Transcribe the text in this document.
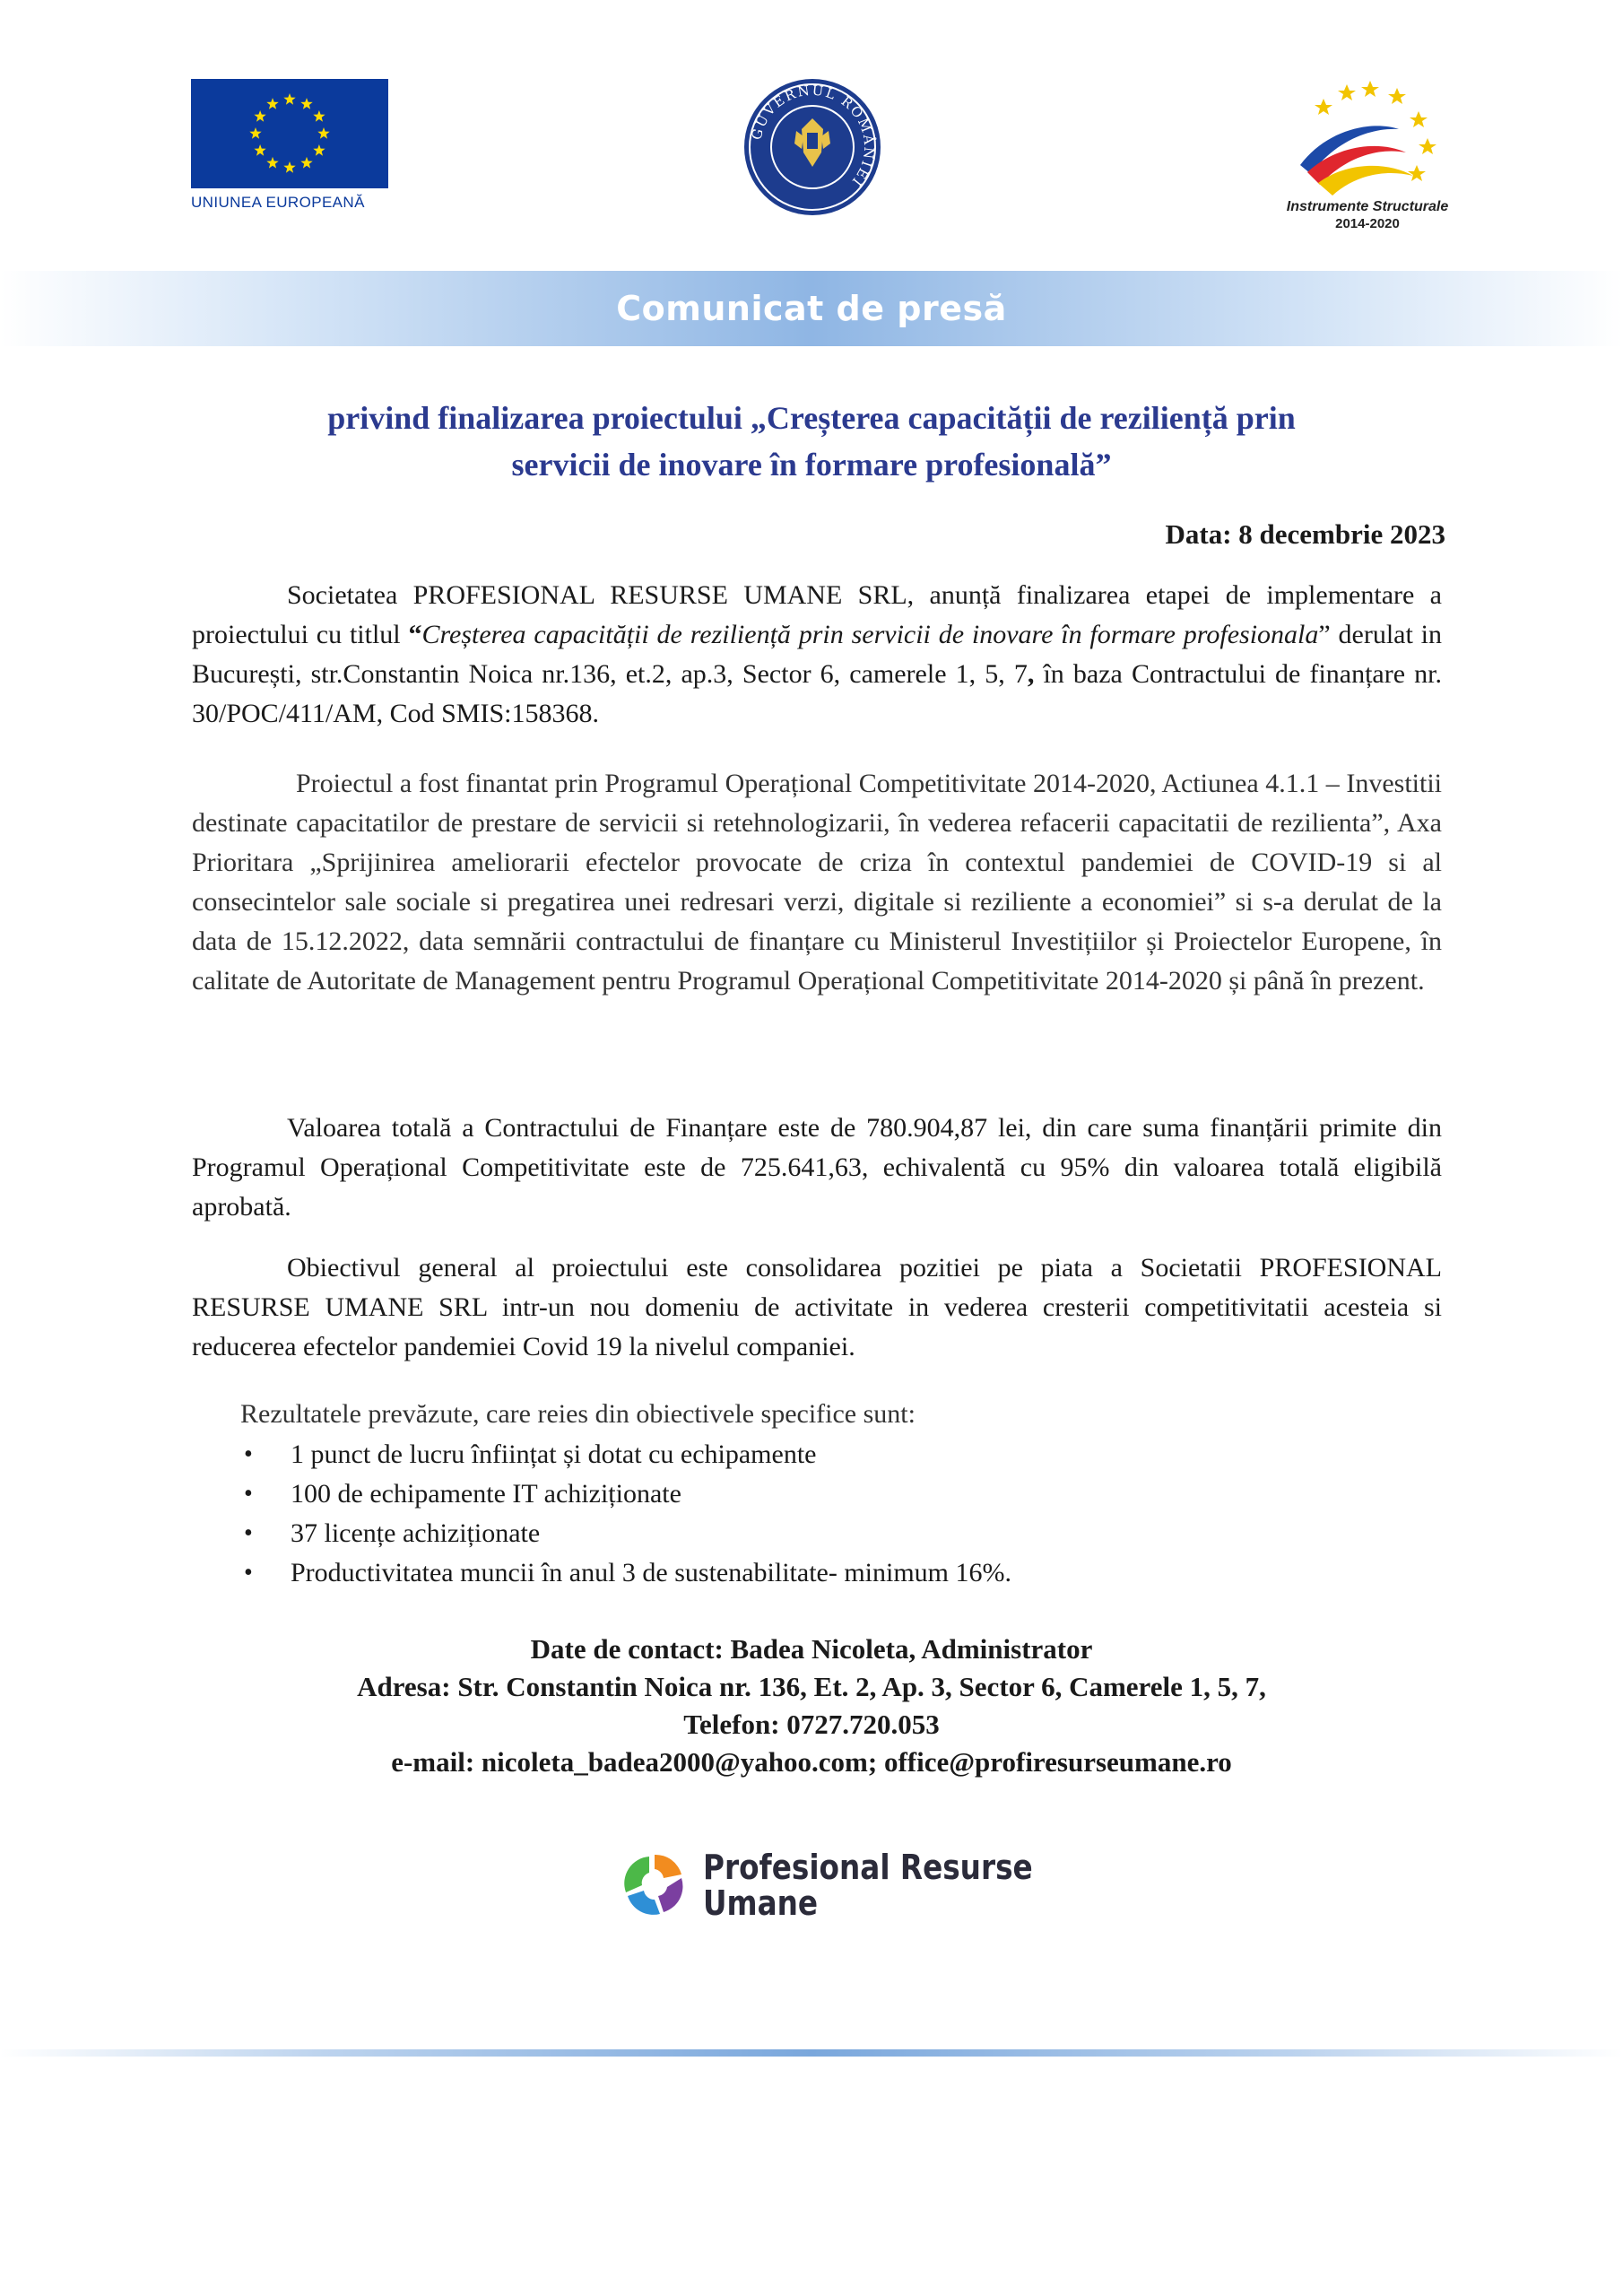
UNIUNEA EUROPEANĂ
GUVERNUL ROMÂNIEI
Instrumente Structurale
2014-2020
Comunicat de presă
privind finalizarea proiectului „Creșterea capacității de reziliență prin
servicii de inovare în formare profesională”
Data: 8 decembrie 2023
Societatea PROFESIONAL RESURSE UMANE SRL, anunță finalizarea etapei de implementare a proiectului cu titlul “Creșterea capacității de reziliență prin servicii de inovare în formare profesionala” derulat in București, str.Constantin Noica nr.136, et.2, ap.3, Sector 6, camerele 1, 5, 7, în baza Contractului de finanțare nr. 30/POC/411/AM, Cod SMIS:158368.
Proiectul a fost finantat prin Programul Operațional Competitivitate 2014-2020, Actiunea 4.1.1 – Investitii destinate capacitatilor de prestare de servicii si retehnologizarii, în vederea refacerii capacitatii de rezilienta”, Axa Prioritara „Sprijinirea ameliorarii efectelor provocate de criza în contextul pandemiei de COVID-19 si al consecintelor sale sociale si pregatirea unei redresari verzi, digitale si reziliente a economiei” si s-a derulat de la data de 15.12.2022, data semnării contractului de finanțare cu Ministerul Investițiilor și Proiectelor Europene, în calitate de Autoritate de Management pentru Programul Operațional Competitivitate 2014-2020 și până în prezent.
Valoarea totală a Contractului de Finanțare este de 780.904,87 lei, din care suma finanțării primite din Programul Operațional Competitivitate este de 725.641,63, echivalentă cu 95% din valoarea totală eligibilă aprobată.
Obiectivul general al proiectului este consolidarea pozitiei pe piata a Societatii PROFESIONAL RESURSE UMANE SRL intr-un nou domeniu de activitate in vederea cresterii competitivitatii acesteia si reducerea efectelor pandemiei Covid 19 la nivelul companiei.
Rezultatele prevăzute, care reies din obiectivele specifice sunt:
• 1 punct de lucru înființat și dotat cu echipamente
• 100 de echipamente IT achiziționate
• 37 licențe achiziționate
• Productivitatea muncii în anul 3 de sustenabilitate- minimum 16%.
Date de contact: Badea Nicoleta, Administrator
Adresa: Str. Constantin Noica nr. 136, Et. 2, Ap. 3, Sector 6, Camerele 1, 5, 7,
Telefon: 0727.720.053
e-mail: nicoleta_badea2000@yahoo.com; office@profiresurseumane.ro
Profesional Resurse
Umane
